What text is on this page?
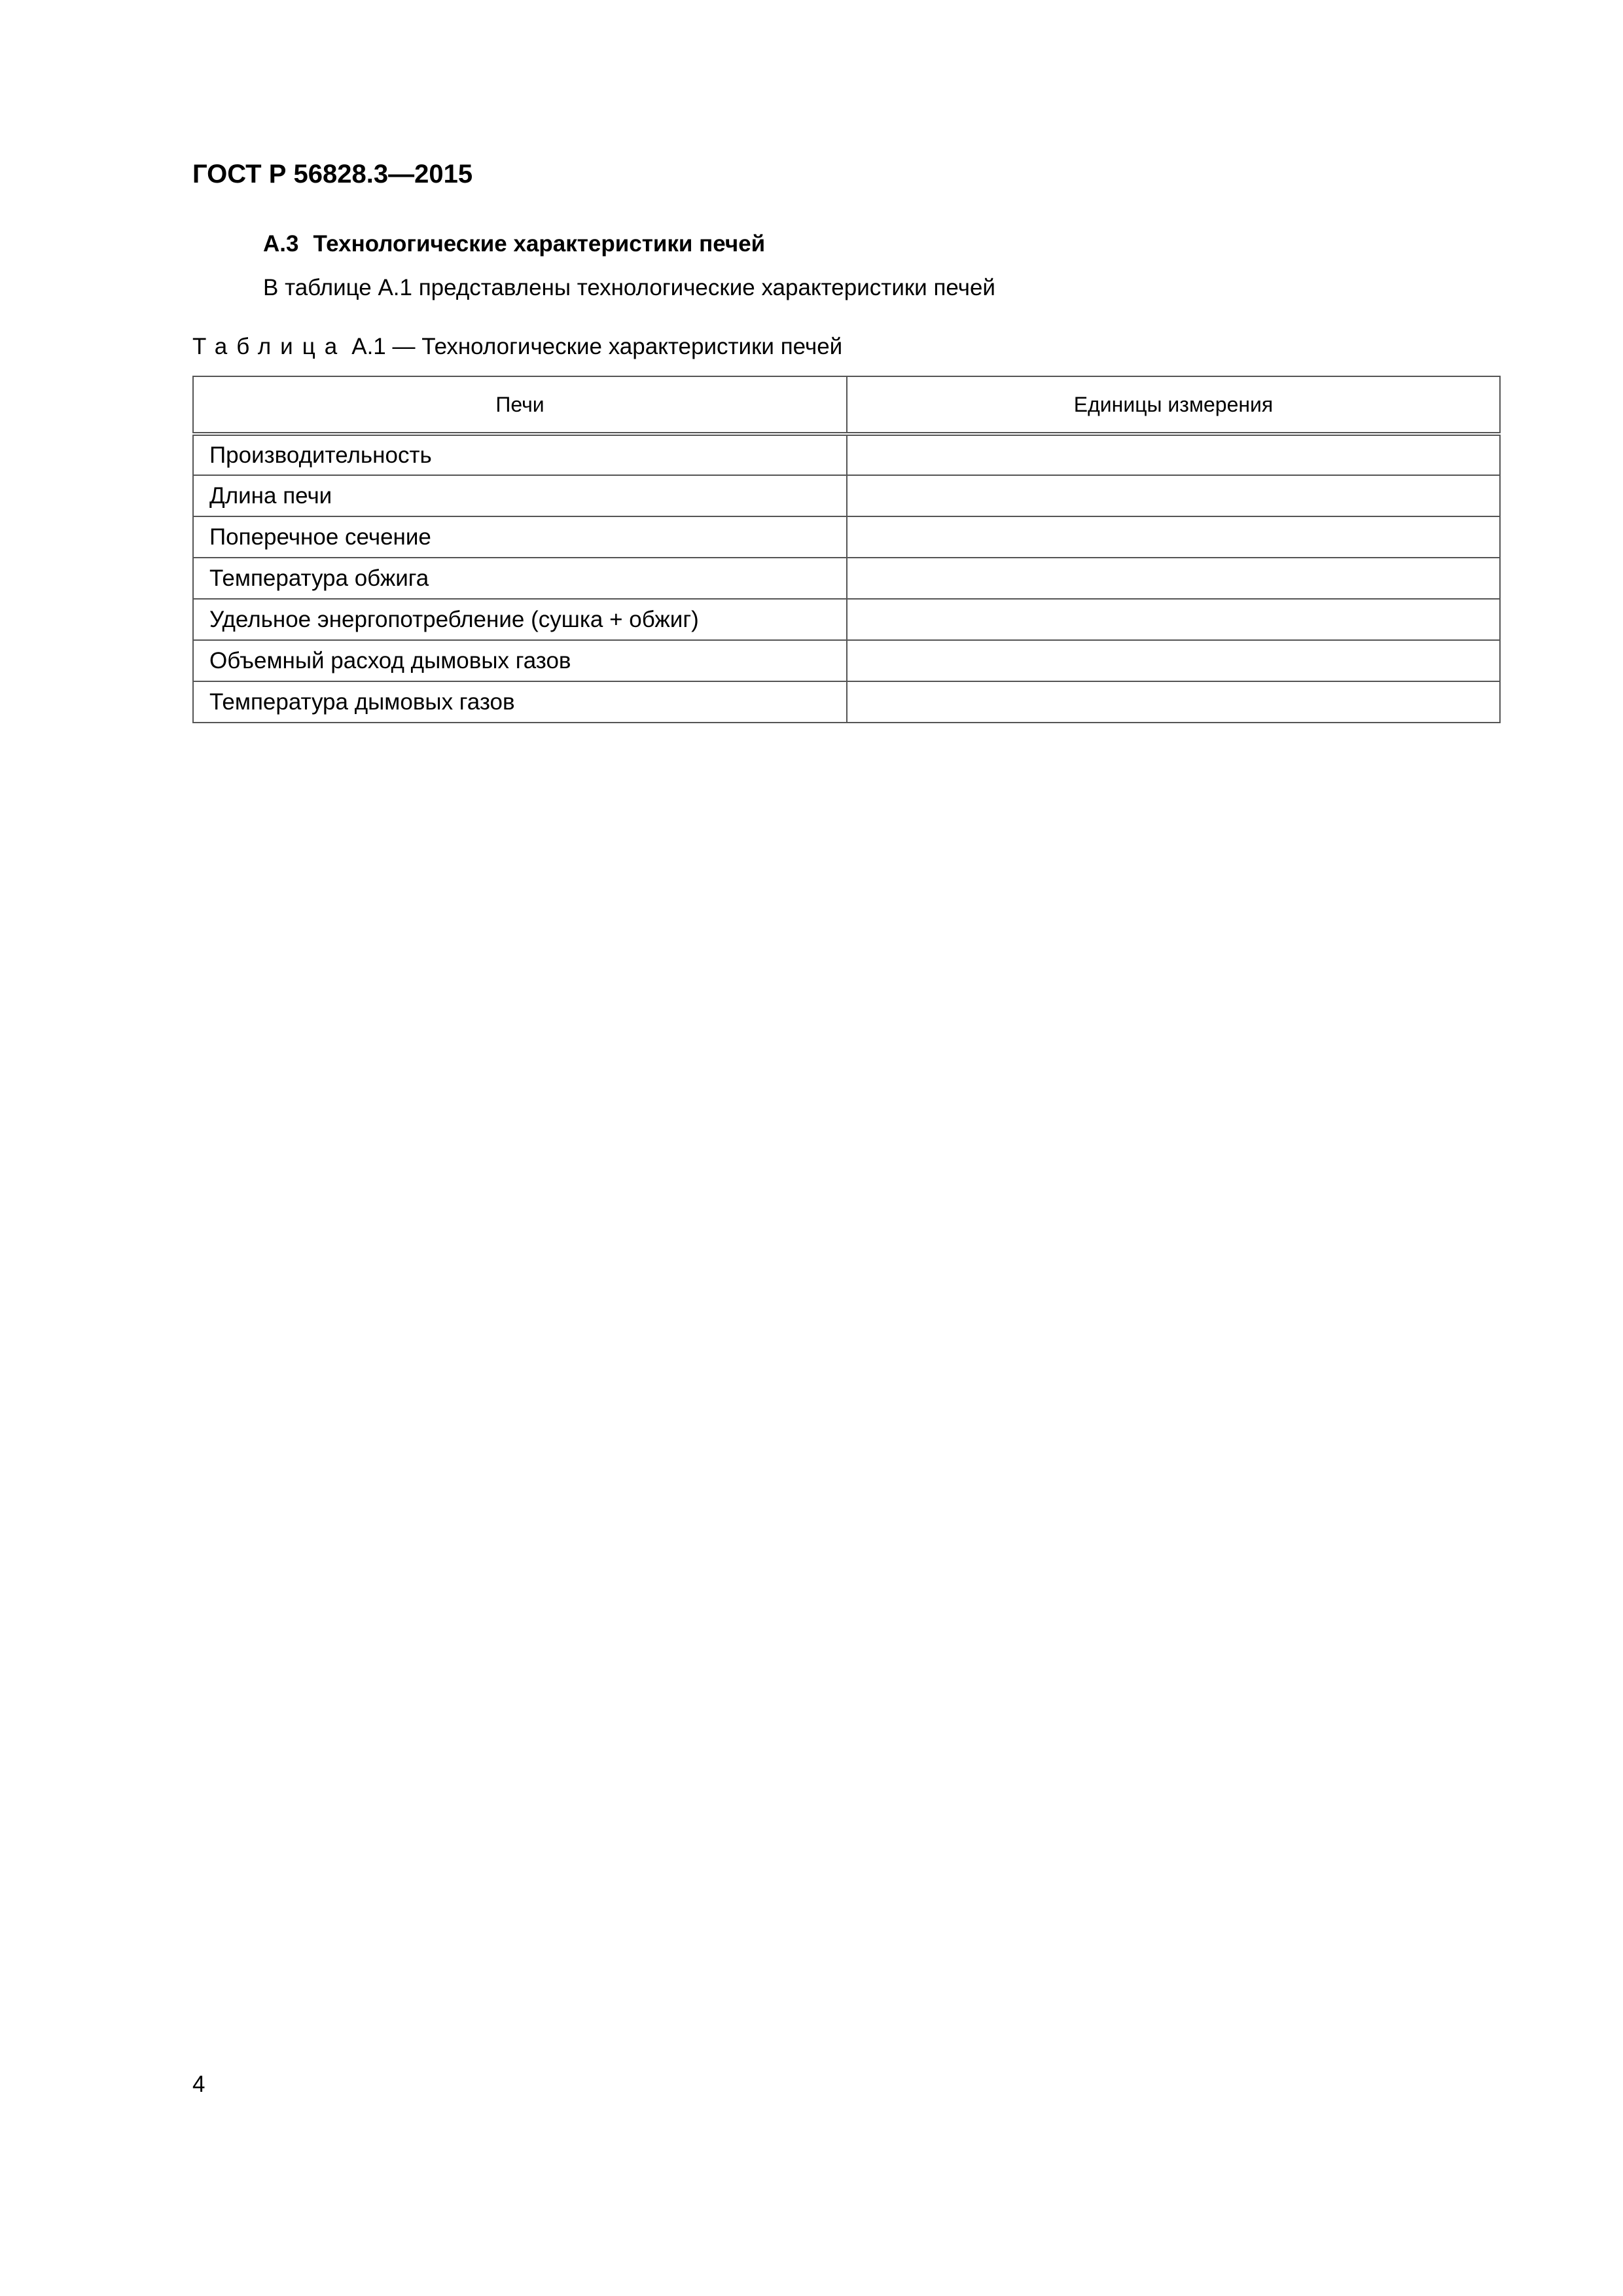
ГОСТ Р 56828.3—2015
А.3 Технологические характеристики печей
В таблице А.1 представлены технологические характеристики печей
Таблица А.1 — Технологические характеристики печей
Печи	Единицы измерения
Производительность	
Длина печи	
Поперечное сечение	
Температура обжига	
Удельное энергопотребление (сушка + обжиг)	
Объемный расход дымовых газов	
Температура дымовых газов	
4
